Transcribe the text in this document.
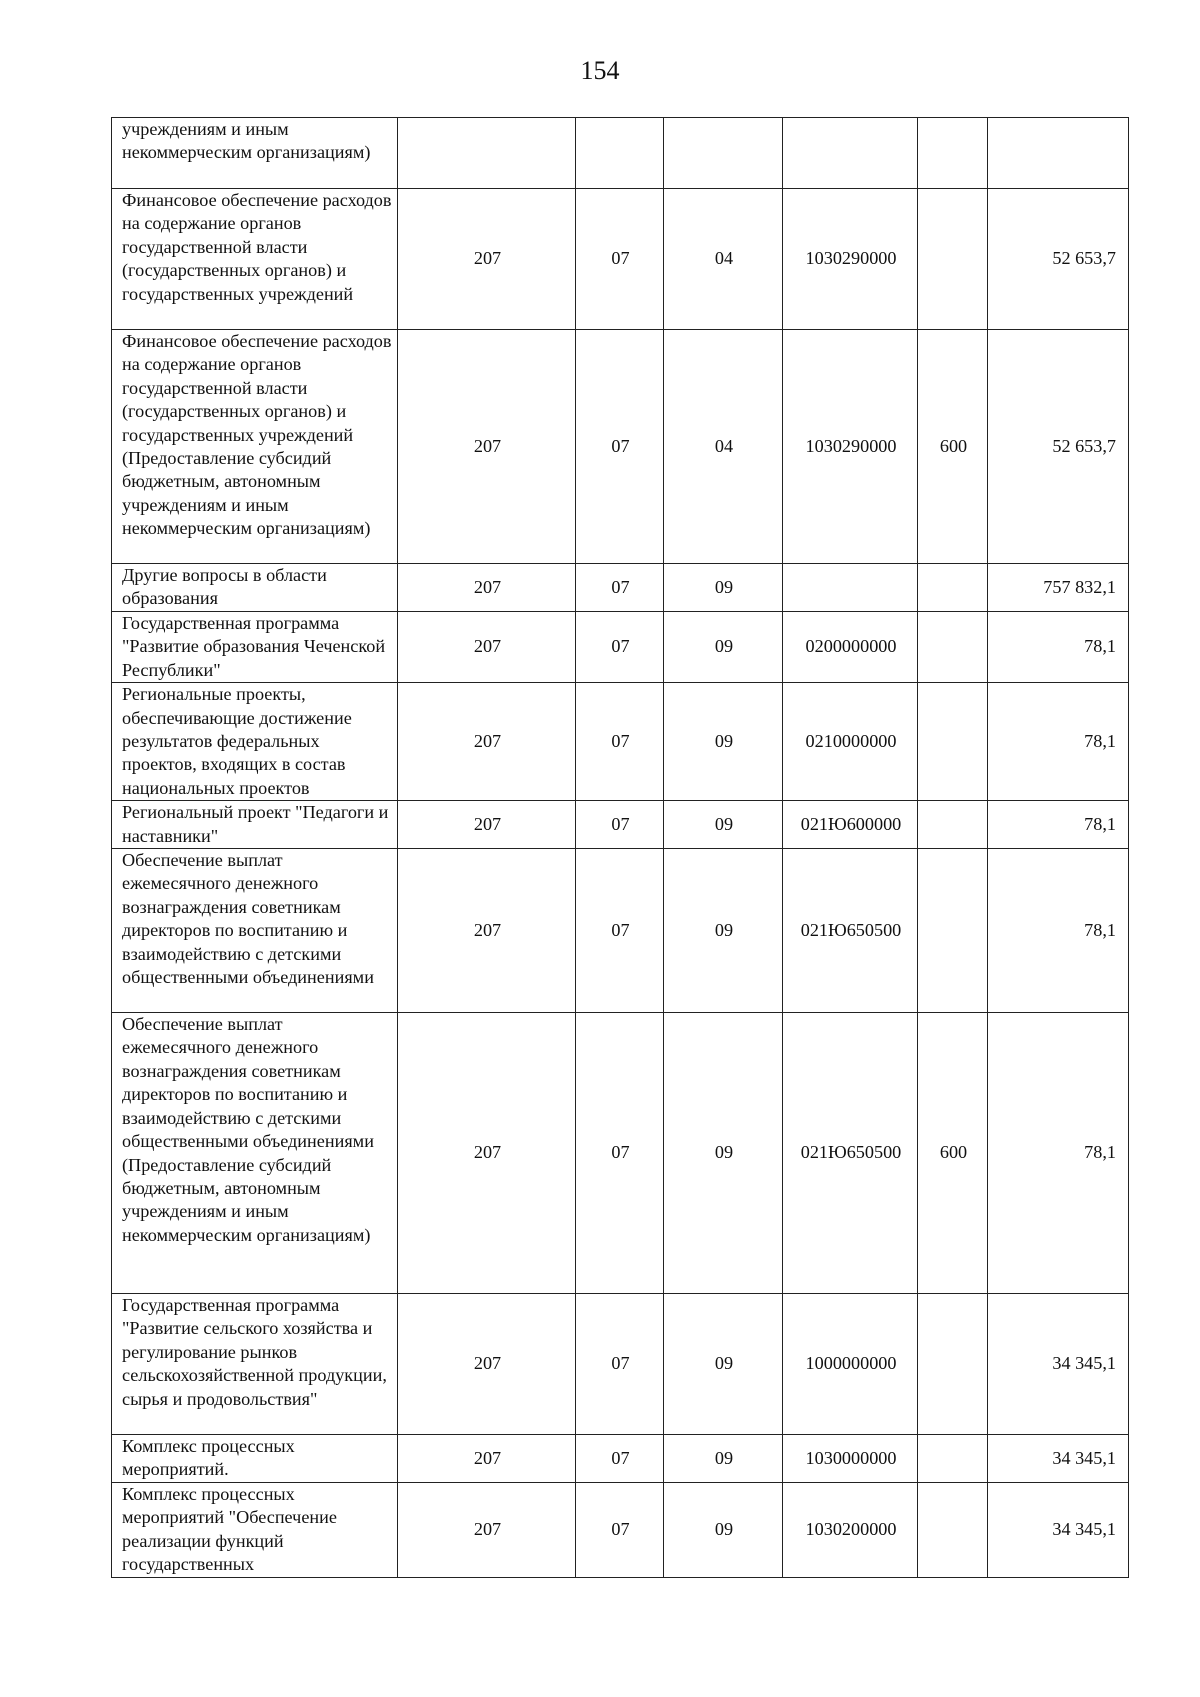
154
учреждениям и иным некоммерческим организациям)						
Финансовое обеспечение расходов на содержание органов государственной власти (государственных органов) и государственных учреждений	207	07	04	1030290000		52 653,7
Финансовое обеспечение расходов на содержание органов государственной власти (государственных органов) и государственных учреждений (Предоставление субсидий бюджетным, автономным учреждениям и иным некоммерческим организациям)	207	07	04	1030290000	600	52 653,7
Другие вопросы в области образования	207	07	09			757 832,1
Государственная программа "Развитие образования Чеченской Республики"	207	07	09	0200000000		78,1
Региональные проекты, обеспечивающие достижение результатов федеральных проектов, входящих в состав национальных проектов	207	07	09	0210000000		78,1
Региональный проект "Педагоги и наставники"	207	07	09	021Ю600000		78,1
Обеспечение выплат ежемесячного денежного вознаграждения советникам директоров по воспитанию и взаимодействию с детскими общественными объединениями	207	07	09	021Ю650500		78,1
Обеспечение выплат ежемесячного денежного вознаграждения советникам директоров по воспитанию и взаимодействию с детскими общественными объединениями (Предоставление субсидий бюджетным, автономным учреждениям и иным некоммерческим организациям)	207	07	09	021Ю650500	600	78,1
Государственная программа "Развитие сельского хозяйства и регулирование рынков сельскохозяйственной продукции, сырья и продовольствия"	207	07	09	1000000000		34 345,1
Комплекс процессных мероприятий.	207	07	09	1030000000		34 345,1
Комплекс процессных мероприятий "Обеспечение реализации функций государственных	207	07	09	1030200000		34 345,1
